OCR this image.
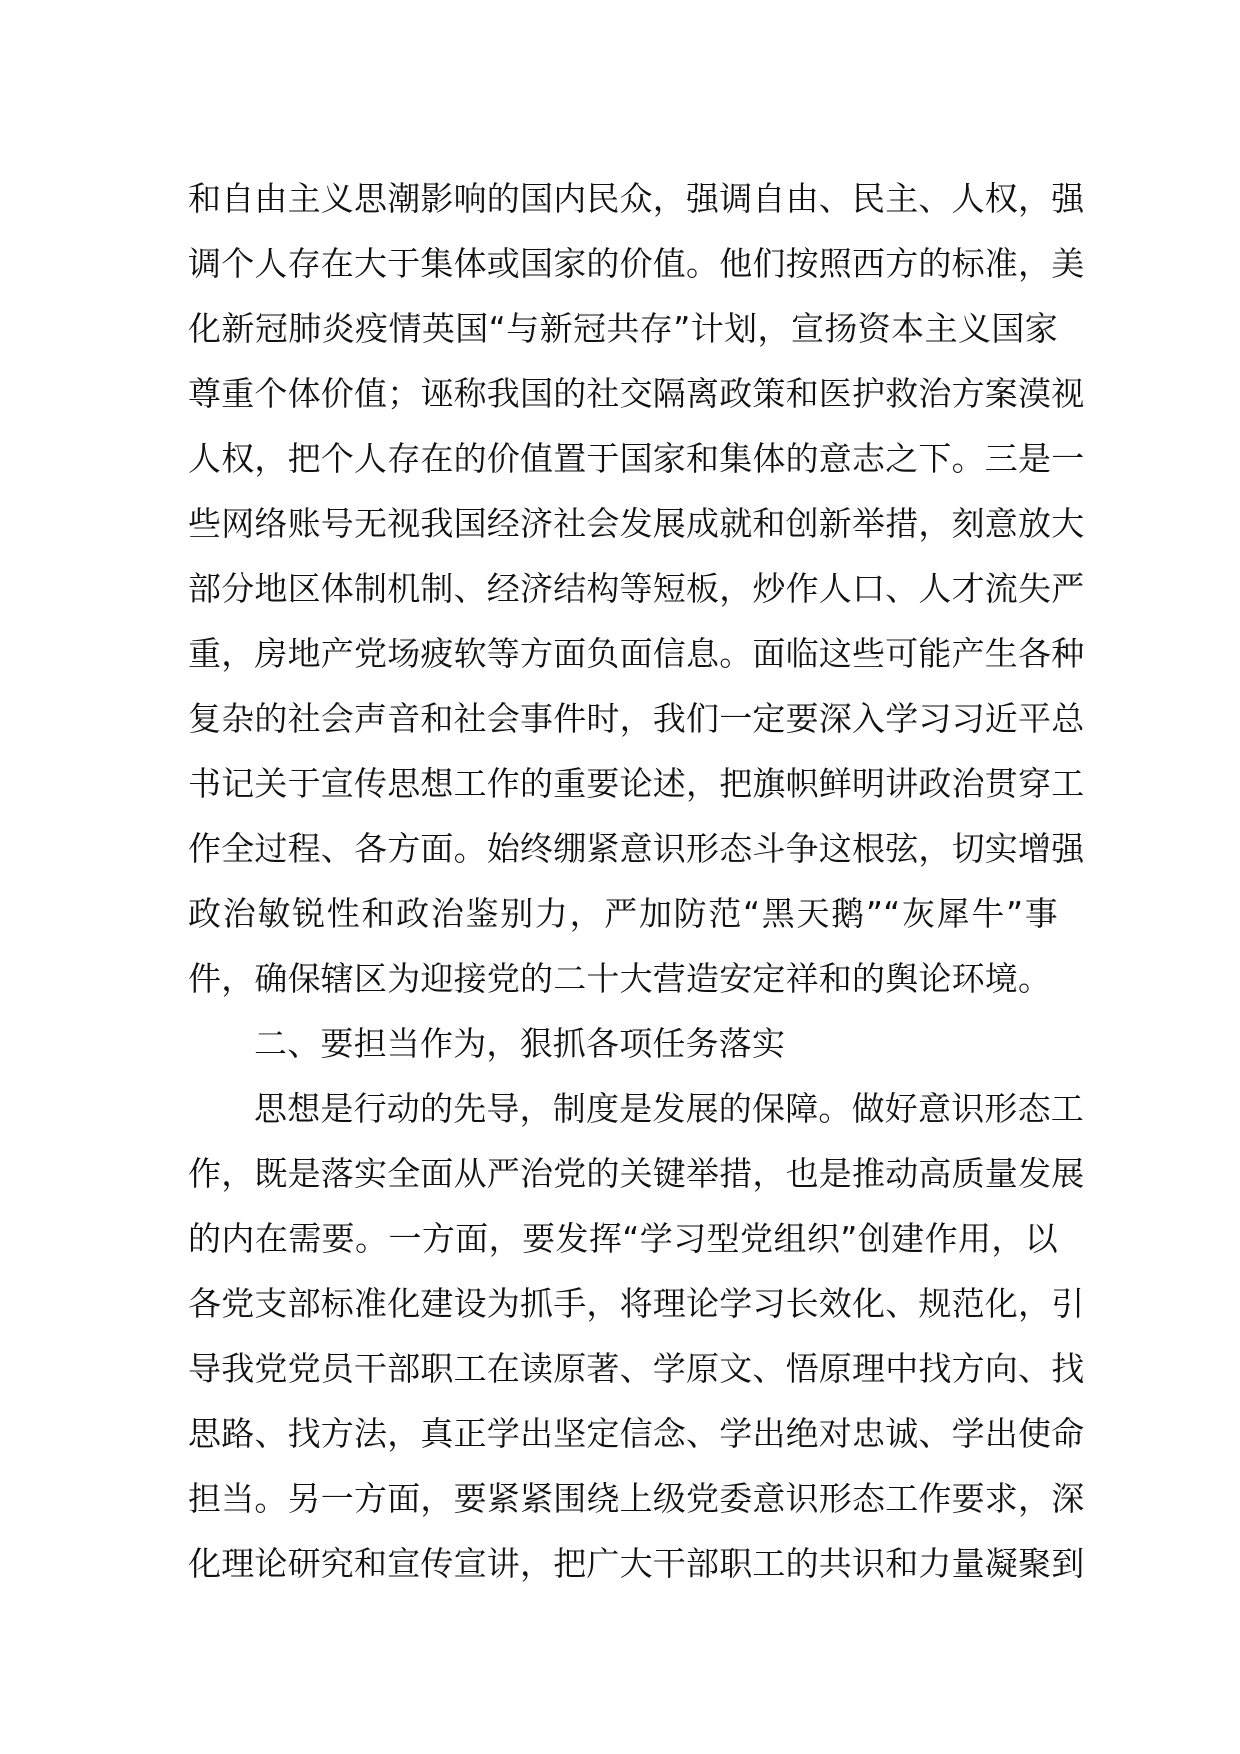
和自由主义思潮影响的国内民众，强调自由、民主、人权，强
调个人存在大于集体或国家的价值。他们按照西方的标准，美
化新冠肺炎疫情英国“与新冠共存”计划，宣扬资本主义国家
尊重个体价值；诬称我国的社交隔离政策和医护救治方案漠视
人权，把个人存在的价值置于国家和集体的意志之下。三是一
些网络账号无视我国经济社会发展成就和创新举措，刻意放大
部分地区体制机制、经济结构等短板，炒作人口、人才流失严
重，房地产党场疲软等方面负面信息。面临这些可能产生各种
复杂的社会声音和社会事件时，我们一定要深入学习习近平总
书记关于宣传思想工作的重要论述，把旗帜鲜明讲政治贯穿工
作全过程、各方面。始终绷紧意识形态斗争这根弦，切实增强
政治敏锐性和政治鉴别力，严加防范“黑天鹅”“灰犀牛”事
件，确保辖区为迎接党的二十大营造安定祥和的舆论环境。
二、要担当作为，狠抓各项任务落实
思想是行动的先导，制度是发展的保障。做好意识形态工
作，既是落实全面从严治党的关键举措，也是推动高质量发展
的内在需要。一方面，要发挥“学习型党组织”创建作用，以
各党支部标准化建设为抓手，将理论学习长效化、规范化，引
导我党党员干部职工在读原著、学原文、悟原理中找方向、找
思路、找方法，真正学出坚定信念、学出绝对忠诚、学出使命
担当。另一方面，要紧紧围绕上级党委意识形态工作要求，深
化理论研究和宣传宣讲，把广大干部职工的共识和力量凝聚到
